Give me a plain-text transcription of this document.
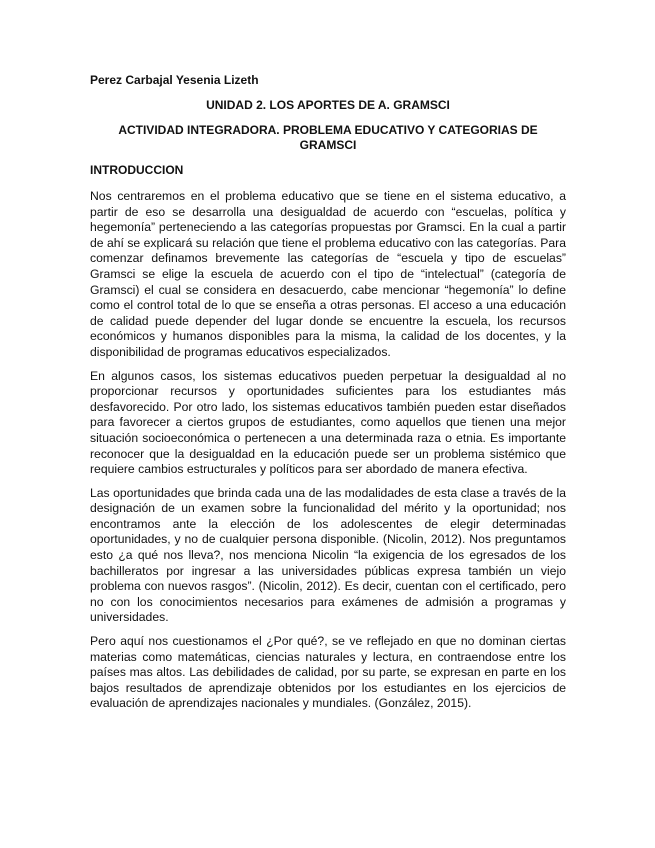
Perez Carbajal Yesenia Lizeth
UNIDAD 2. LOS APORTES DE A. GRAMSCI
ACTIVIDAD INTEGRADORA. PROBLEMA EDUCATIVO Y CATEGORIAS DE GRAMSCI
INTRODUCCION

Nos centraremos en el problema educativo que se tiene en el sistema educativo, a partir de eso se desarrolla una desigualdad de acuerdo con “escuelas, política y hegemonía” perteneciendo a las categorías propuestas por Gramsci. En la cual a partir de ahí se explicará su relación que tiene el problema educativo con las categorías. Para comenzar definamos brevemente las categorías de “escuela y tipo de escuelas” Gramsci se elige la escuela de acuerdo con el tipo de “intelectual” (categoría de Gramsci) el cual se considera en desacuerdo, cabe mencionar “hegemonía” lo define como el control total de lo que se enseña a otras personas. El acceso a una educación de calidad puede depender del lugar donde se encuentre la escuela, los recursos económicos y humanos disponibles para la misma, la calidad de los docentes, y la disponibilidad de programas educativos especializados.

En algunos casos, los sistemas educativos pueden perpetuar la desigualdad al no proporcionar recursos y oportunidades suficientes para los estudiantes más desfavorecido. Por otro lado, los sistemas educativos también pueden estar diseñados para favorecer a ciertos grupos de estudiantes, como aquellos que tienen una mejor situación socioeconómica o pertenecen a una determinada raza o etnia. Es importante reconocer que la desigualdad en la educación puede ser un problema sistémico que requiere cambios estructurales y políticos para ser abordado de manera efectiva.

Las oportunidades que brinda cada una de las modalidades de esta clase a través de la designación de un examen sobre la funcionalidad del mérito y la oportunidad; nos encontramos ante la elección de los adolescentes de elegir determinadas oportunidades, y no de cualquier persona disponible. (Nicolin, 2012). Nos preguntamos esto ¿a qué nos lleva?, nos menciona Nicolin “la exigencia de los egresados de los bachilleratos por ingresar a las universidades públicas expresa también un viejo problema con nuevos rasgos”. (Nicolin, 2012). Es decir, cuentan con el certificado, pero no con los conocimientos necesarios para exámenes de admisión a programas y universidades.

Pero aquí nos cuestionamos el ¿Por qué?, se ve reflejado en que no dominan ciertas materias como matemáticas, ciencias naturales y lectura, en contraendose entre los países mas altos. Las debilidades de calidad, por su parte, se expresan en parte en los bajos resultados de aprendizaje obtenidos por los estudiantes en los ejercicios de evaluación de aprendizajes nacionales y mundiales. (González, 2015).
